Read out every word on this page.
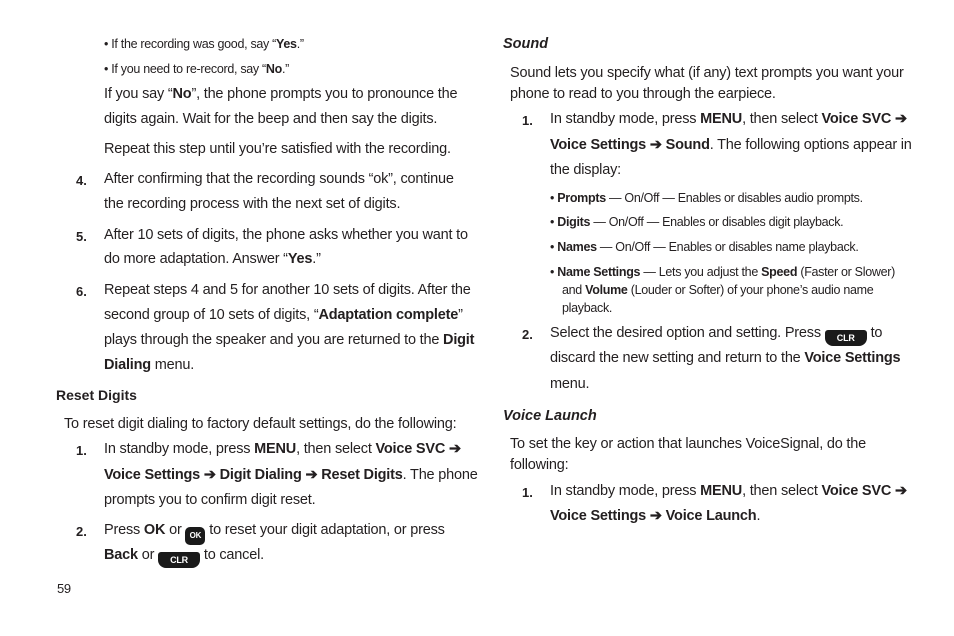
• If the recording was good, say “Yes.”
• If you need to re-record, say “No.”
If you say “No”, the phone prompts you to pronounce the
digits again. Wait for the beep and then say the digits.
Repeat this step until you’re satisfied with the recording.
4. After confirming that the recording sounds “ok”, continue
the recording process with the next set of digits.
5. After 10 sets of digits, the phone asks whether you want to
do more adaptation. Answer “Yes.”
6. Repeat steps 4 and 5 for another 10 sets of digits. After the
second group of 10 sets of digits, “Adaptation complete”
plays through the speaker and you are returned to the Digit
Dialing menu.
Reset Digits
To reset digit dialing to factory default settings, do the following:
1. In standby mode, press MENU, then select Voice SVC ➔
Voice Settings ➔ Digit Dialing ➔ Reset Digits. The phone
prompts you to confirm digit reset.
2. Press OK or OK to reset your digit adaptation, or press
Back or CLR to cancel.
59
Sound
Sound lets you specify what (if any) text prompts you want your
phone to read to you through the earpiece.
1. In standby mode, press MENU, then select Voice SVC ➔
Voice Settings ➔ Sound. The following options appear in
the display:
• Prompts — On/Off — Enables or disables audio prompts.
• Digits — On/Off — Enables or disables digit playback.
• Names — On/Off — Enables or disables name playback.
• Name Settings — Lets you adjust the Speed (Faster or Slower)
and Volume (Louder or Softer) of your phone’s audio name
playback.
2. Select the desired option and setting. Press CLR to
discard the new setting and return to the Voice Settings
menu.
Voice Launch
To set the key or action that launches VoiceSignal, do the
following:
1. In standby mode, press MENU, then select Voice SVC ➔
Voice Settings ➔ Voice Launch.
